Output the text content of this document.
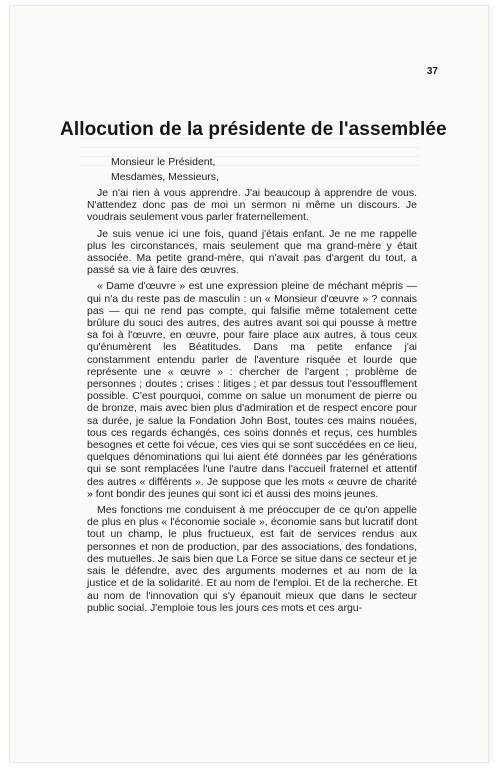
37
Allocution de la présidente de l'assemblée
Monsieur le Président,
Mesdames, Messieurs,

Je n'ai rien à vous apprendre. J'ai beaucoup à apprendre de vous. N'attendez donc pas de moi un sermon ni même un discours. Je voudrais seulement vous parler fraternellement.

Je suis venue ici une fois, quand j'étais enfant. Je ne me rappelle plus les circonstances, mais seulement que ma grand-mère y était associée. Ma petite grand-mère, qui n'avait pas d'argent du tout, a passé sa vie à faire des œuvres.

« Dame d'œuvre » est une expression pleine de méchant mépris — qui n'a du reste pas de masculin : un « Monsieur d'œuvre » ? connais pas — qui ne rend pas compte, qui falsifie même totalement cette brûlure du souci des autres, des autres avant soi qui pousse à mettre sa foi à l'œuvre, en œuvre, pour faire place aux autres, à tous ceux qu'énumèrent les Béatitudes. Dans ma petite enfance j'ai constamment entendu parler de l'aventure risquée et lourde que représente une « œuvre » : chercher de l'argent ; problème de personnes ; doutes ; crises : litiges ; et par dessus tout l'essoufflement possible. C'est pourquoi, comme on salue un monument de pierre ou de bronze, mais avec bien plus d'admiration et de respect encore pour sa durée, je salue la Fondation John Bost, toutes ces mains nouées, tous ces regards échangés, ces soins donnés et reçus, ces humbles besognes et cette foi vécue, ces vies qui se sont succédées en ce lieu, quelques dénominations qui lui aient été données par les générations qui se sont remplacées l'une l'autre dans l'accueil fraternel et attentif des autres « différents ». Je suppose que les mots « œuvre de charité » font bondir des jeunes qui sont ici et aussi des moins jeunes.

Mes fonctions me conduisent à me préoccuper de ce qu'on appelle de plus en plus « l'économie sociale », économie sans but lucratif dont tout un champ, le plus fructueux, est fait de services rendus aux personnes et non de production, par des associations, des fondations, des mutuelles. Je sais bien que La Force se situe dans ce secteur et je sais le défendre, avec des arguments modernes et au nom de la justice et de la solidarité. Et au nom de l'emploi. Et de la recherche. Et au nom de l'innovation qui s'y épanouit mieux que dans le secteur public social. J'emploie tous les jours ces mots et ces argu-
